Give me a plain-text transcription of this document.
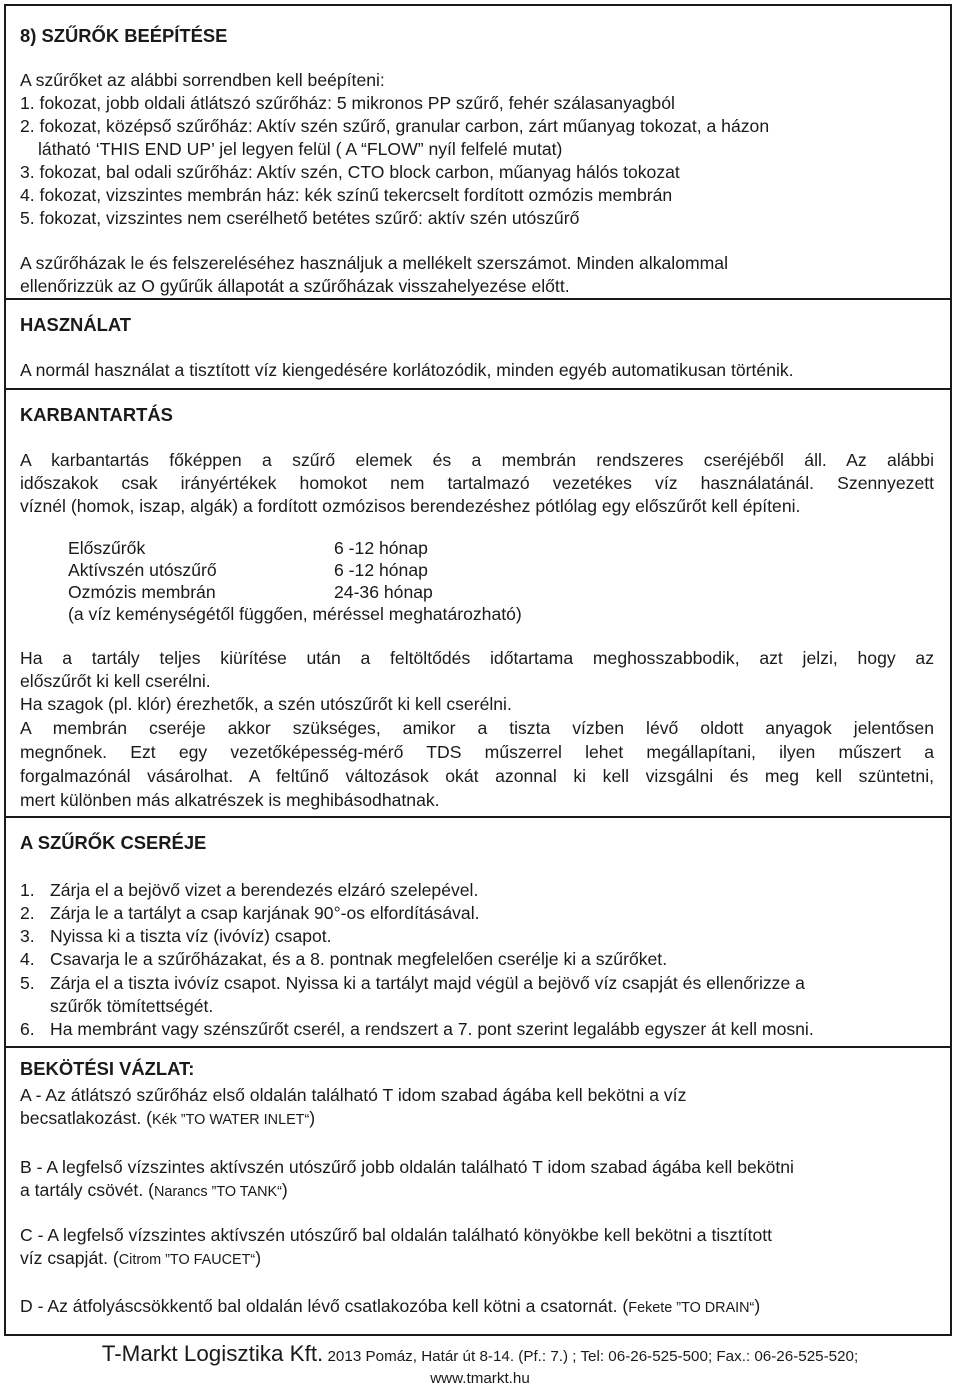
8) SZŰRŐK BEÉPÍTÉSE
A szűrőket az alábbi sorrendben kell beépíteni:
1. fokozat, jobb oldali átlátszó szűrőház: 5 mikronos PP szűrő, fehér szálasanyagból
2. fokozat, középső szűrőház: Aktív szén szűrő, granular carbon, zárt műanyag tokozat, a házon
látható ‘THIS END UP’ jel legyen felül ( A “FLOW” nyíl felfelé mutat)
3. fokozat, bal odali szűrőház: Aktív szén, CTO block carbon, műanyag hálós tokozat
4. fokozat, vizszintes membrán ház: kék színű tekercselt fordított ozmózis membrán
5. fokozat, vizszintes nem cserélhető betétes szűrő: aktív szén utószűrő
A szűrőházak le és felszereléséhez használjuk a mellékelt szerszámot. Minden alkalommal
ellenőrizzük az O gyűrűk állapotát a szűrőházak visszahelyezése előtt.
HASZNÁLAT
A normál használat a tisztított víz kiengedésére korlátozódik, minden egyéb automatikusan történik.
KARBANTARTÁS
A karbantartás főképpen a szűrő elemek és a membrán rendszeres cseréjéből áll. Az alábbi
időszakok csak irányértékek homokot nem tartalmazó vezetékes víz használatánál. Szennyezett
víznél (homok, iszap, algák) a fordított ozmózisos berendezéshez pótlólag egy előszűrőt kell építeni.
Előszűrők	6 -12 hónap
Aktívszén utószűrő	6 -12 hónap
Ozmózis membrán	24-36 hónap
(a víz keménységétől függően, méréssel meghatározható)
Ha a tartály teljes kiürítése után a feltöltődés időtartama meghosszabbodik, azt jelzi, hogy az
előszűrőt ki kell cserélni.
Ha szagok (pl. klór) érezhetők, a szén utószűrőt ki kell cserélni.
A membrán cseréje akkor szükséges, amikor a tiszta vízben lévő oldott anyagok jelentősen
megnőnek. Ezt egy vezetőképesség-mérő TDS műszerrel lehet megállapítani, ilyen műszert a
forgalmazónál vásárolhat. A feltűnő változások okát azonnal ki kell vizsgálni és meg kell szüntetni,
mert különben más alkatrészek is meghibásodhatnak.
A SZŰRŐK CSERÉJE
1. Zárja el a bejövő vizet a berendezés elzáró szelepével.
2. Zárja le a tartályt a csap karjának 90°-os elfordításával.
3. Nyissa ki a tiszta víz (ivóvíz) csapot.
4. Csavarja le a szűrőházakat, és a 8. pontnak megfelelően cserélje ki a szűrőket.
5. Zárja el a tiszta ivóvíz csapot. Nyissa ki a tartályt majd végül a bejövő víz csapját és ellenőrizze a
szűrők tömítettségét.
6. Ha membránt vagy szénszűrőt cserél, a rendszert a 7. pont szerint legalább egyszer át kell mosni.
BEKÖTÉSI VÁZLAT:
A - Az átlátszó szűrőház első oldalán található T idom szabad ágába kell bekötni a víz
becsatlakozást. (Kék ”TO WATER INLET“)
B - A legfelső vízszintes aktívszén utószűrő jobb oldalán található T idom szabad ágába kell bekötni
a tartály csövét. (Narancs ”TO TANK“)
C - A legfelső vízszintes aktívszén utószűrő bal oldalán található könyökbe kell bekötni a tisztított
víz csapját. (Citrom ”TO FAUCET“)
D - Az átfolyáscsökkentő bal oldalán lévő csatlakozóba kell kötni a csatornát. (Fekete ”TO DRAIN“)
T-Markt Logisztika Kft. 2013 Pomáz, Határ út 8-14. (Pf.: 7.) ; Tel: 06-26-525-500; Fax.: 06-26-525-520;
www.tmarkt.hu
